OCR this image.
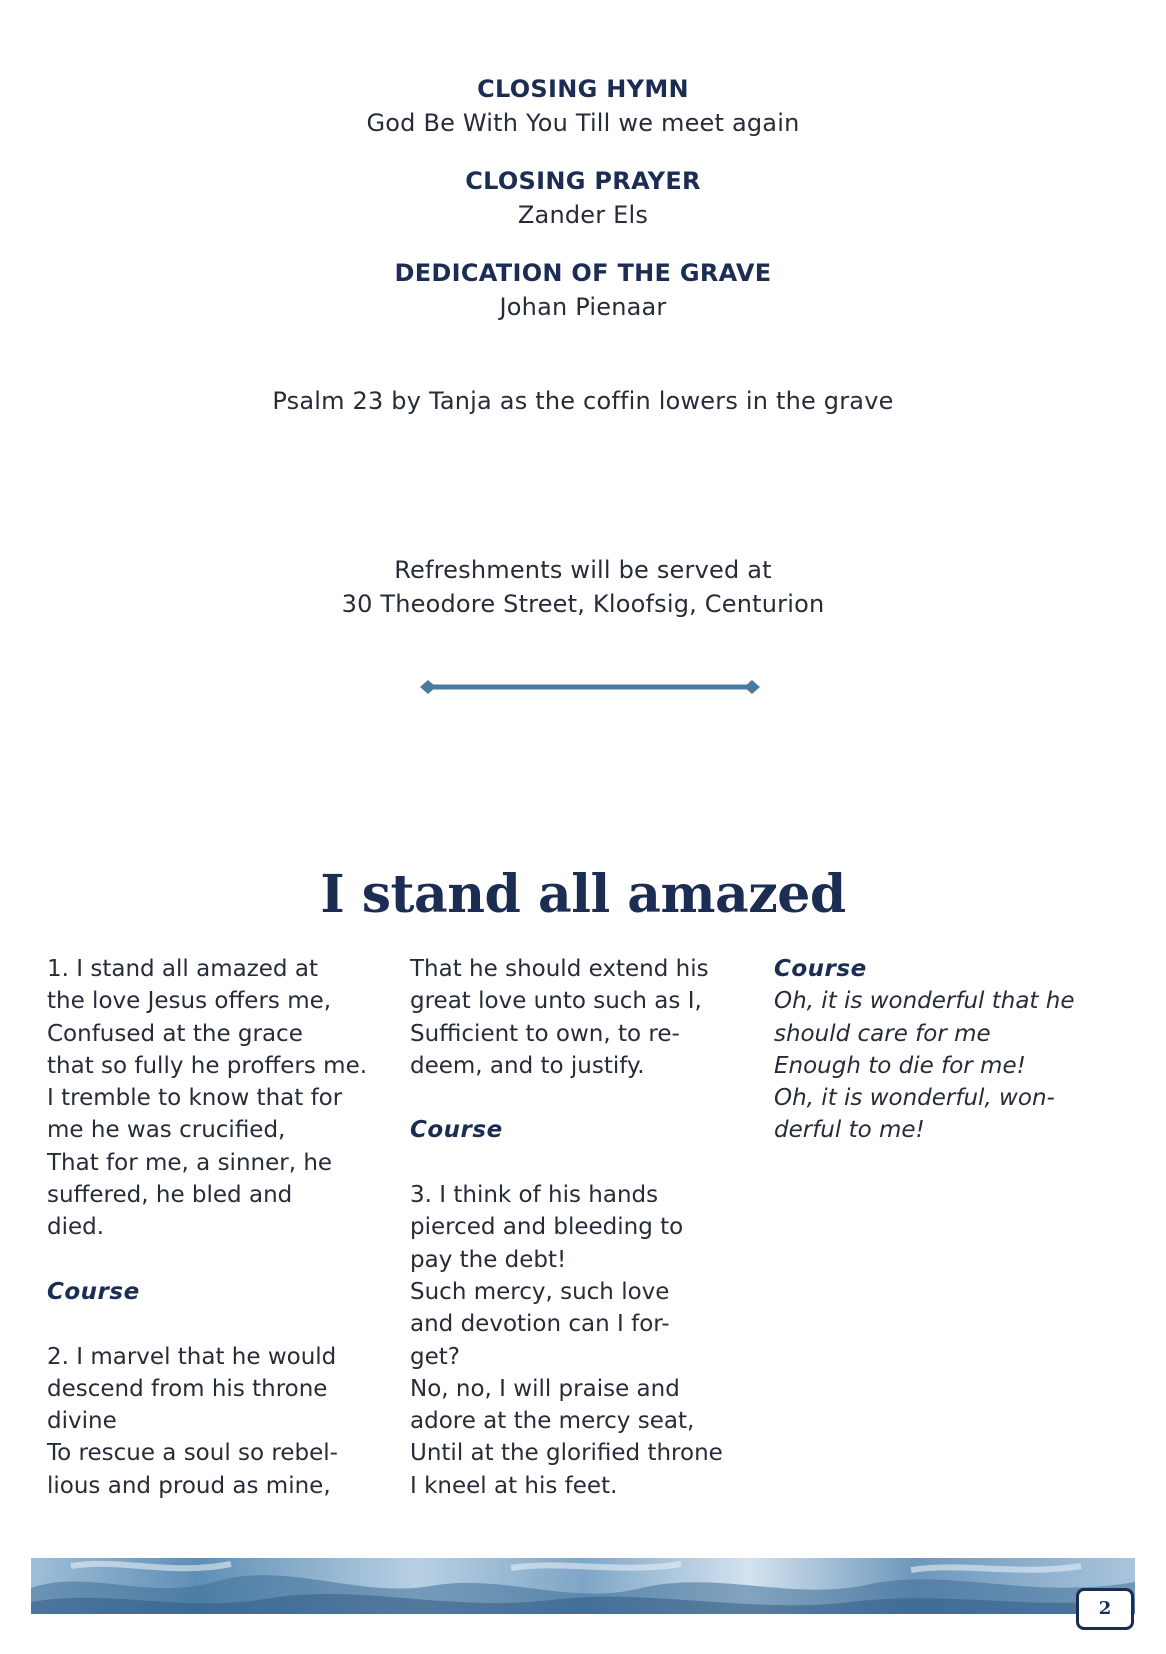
CLOSING HYMN
God Be With You Till we meet again
CLOSING PRAYER
Zander Els
DEDICATION OF THE GRAVE
Johan Pienaar
Psalm 23 by Tanja as the coffin lowers in the grave
Refreshments will be served at
30 Theodore Street, Kloofsig, Centurion
I stand all amazed
1. I stand all amazed at
the love Jesus offers me,
Confused at the grace
that so fully he proffers me.
I tremble to know that for
me he was crucified,
That for me, a sinner, he
suffered, he bled and
died.
Course
2. I marvel that he would
descend from his throne
divine
To rescue a soul so rebel-
lious and proud as mine,
That he should extend his
great love unto such as I,
Sufficient to own, to re-
deem, and to justify.
Course
3. I think of his hands
pierced and bleeding to
pay the debt!
Such mercy, such love
and devotion can I for-
get?
No, no, I will praise and
adore at the mercy seat,
Until at the glorified throne
I kneel at his feet.
Course
Oh, it is wonderful that he
should care for me
Enough to die for me!
Oh, it is wonderful, won-
derful to me!
2
